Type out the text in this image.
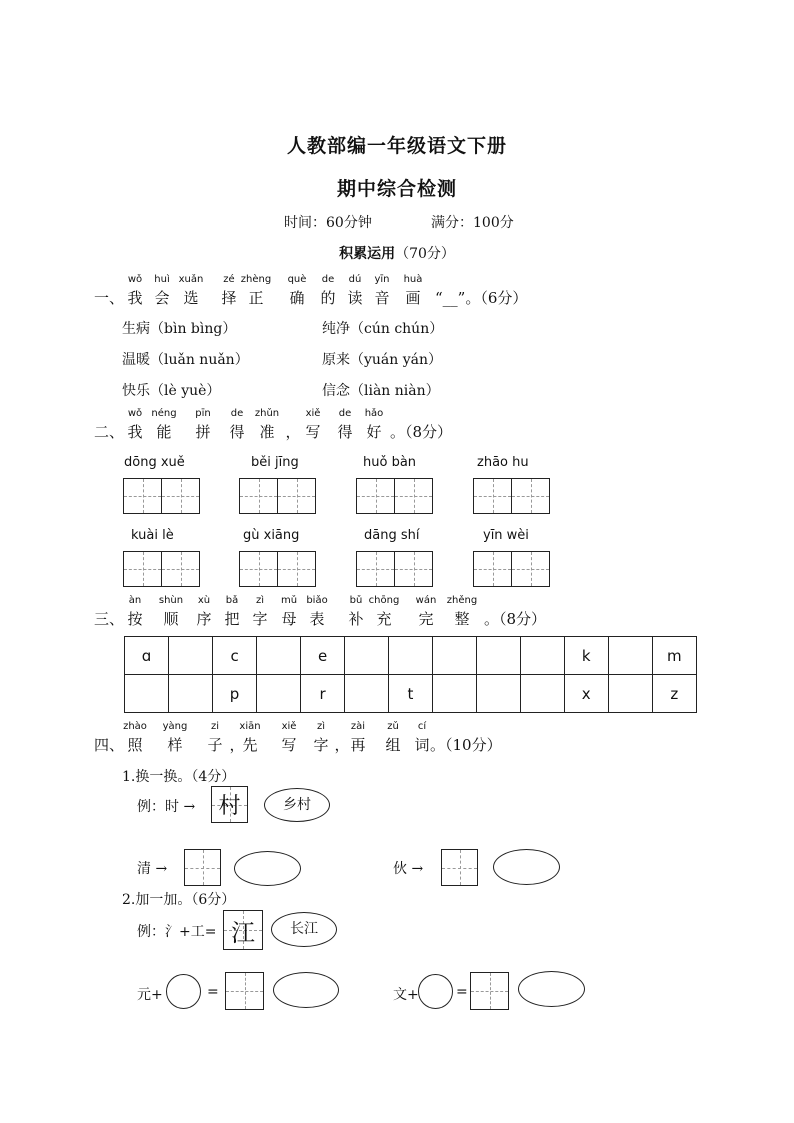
人教部编一年级语文下册
期中综合检测
时间：60分钟	满分：100分
积累运用（70分）
一、
wǒ
我
huì
会
xuǎn
选
zé
择
zhèng
正
què
确
de
的
dú
读
yīn
音
huà
画 “__”。（6分）
生病（bìn bìng）	纯净（cún chún）
温暖（luǎn nuǎn）	原来（yuán yán）
快乐（lè yuè）	信念（liàn niàn）
二、
wǒ
我
néng
能
pīn
拼
de
得
zhǔn
准 ，
xiě
写
de
得
hǎo
好 。（8分）
dōng xuě	běi jīng	huǒ bàn	zhāo hu
kuài lè	gù xiāng	dāng shí	yīn wèi
三、
àn
按
shùn
顺
xù
序
bǎ
把
zì
字
mǔ
母
biǎo
表
bǔ
补
chōng
充
wán
完
zhěng
整 。（8分）
ɑ		c		e						k		m
		p		r		t				x		z
四、
zhào
照
yàng
样
zi
子 ，
xiān
先
xiě
写
zì
字 ，
zài
再
zǔ
组
cí
词 。（10分）
1.换一换。（4分）
例：时 → 村	乡村
清 →	伙 →
2.加一加。（6分）
例：氵+工= 江	长江
元+	=	文+	=
